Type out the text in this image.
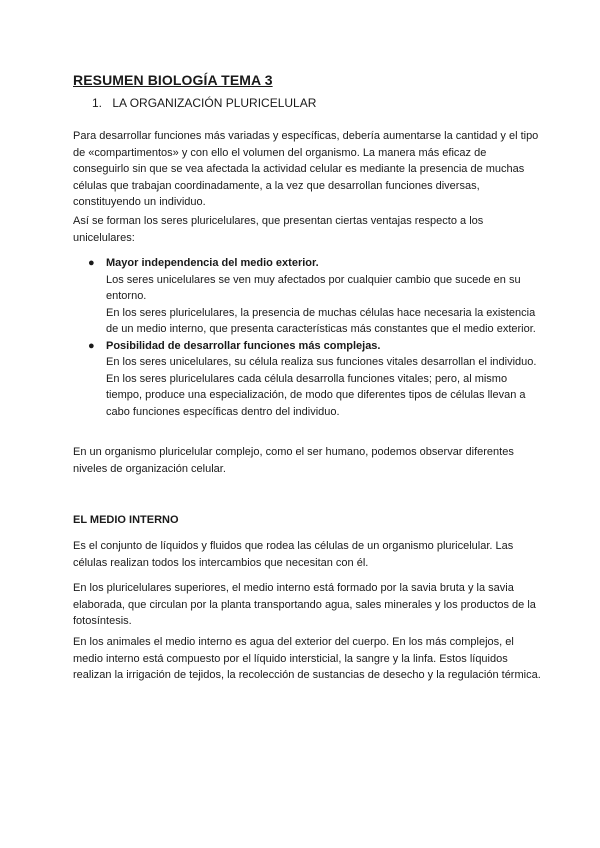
RESUMEN BIOLOGÍA TEMA 3

1. LA ORGANIZACIÓN PLURICELULAR

Para desarrollar funciones más variadas y específicas, debería aumentarse la cantidad y el tipo de «compartimentos» y con ello el volumen del organismo. La manera más eficaz de conseguirlo sin que se vea afectada la actividad celular es mediante la presencia de muchas células que trabajan coordinadamente, a la vez que desarrollan funciones diversas, constituyendo un individuo.

Así se forman los seres pluricelulares, que presentan ciertas ventajas respecto a los unicelulares:

● Mayor independencia del medio exterior.
Los seres unicelulares se ven muy afectados por cualquier cambio que sucede en su entorno.
En los seres pluricelulares, la presencia de muchas células hace necesaria la existencia de un medio interno, que presenta características más constantes que el medio exterior.
● Posibilidad de desarrollar funciones más complejas.
En los seres unicelulares, su célula realiza sus funciones vitales desarrollan el individuo.
En los seres pluricelulares cada célula desarrolla funciones vitales; pero, al mismo tiempo, produce una especialización, de modo que diferentes tipos de células llevan a cabo funciones específicas dentro del individuo.

En un organismo pluricelular complejo, como el ser humano, podemos observar diferentes niveles de organización celular.

EL MEDIO INTERNO

Es el conjunto de líquidos y fluidos que rodea las células de un organismo pluricelular. Las células realizan todos los intercambios que necesitan con él.

En los pluricelulares superiores, el medio interno está formado por la savia bruta y la savia elaborada, que circulan por la planta transportando agua, sales minerales y los productos de la fotosíntesis.

En los animales el medio interno es agua del exterior del cuerpo. En los más complejos, el medio interno está compuesto por el líquido intersticial, la sangre y la linfa. Estos líquidos realizan la irrigación de tejidos, la recolección de sustancias de desecho y la regulación térmica.
